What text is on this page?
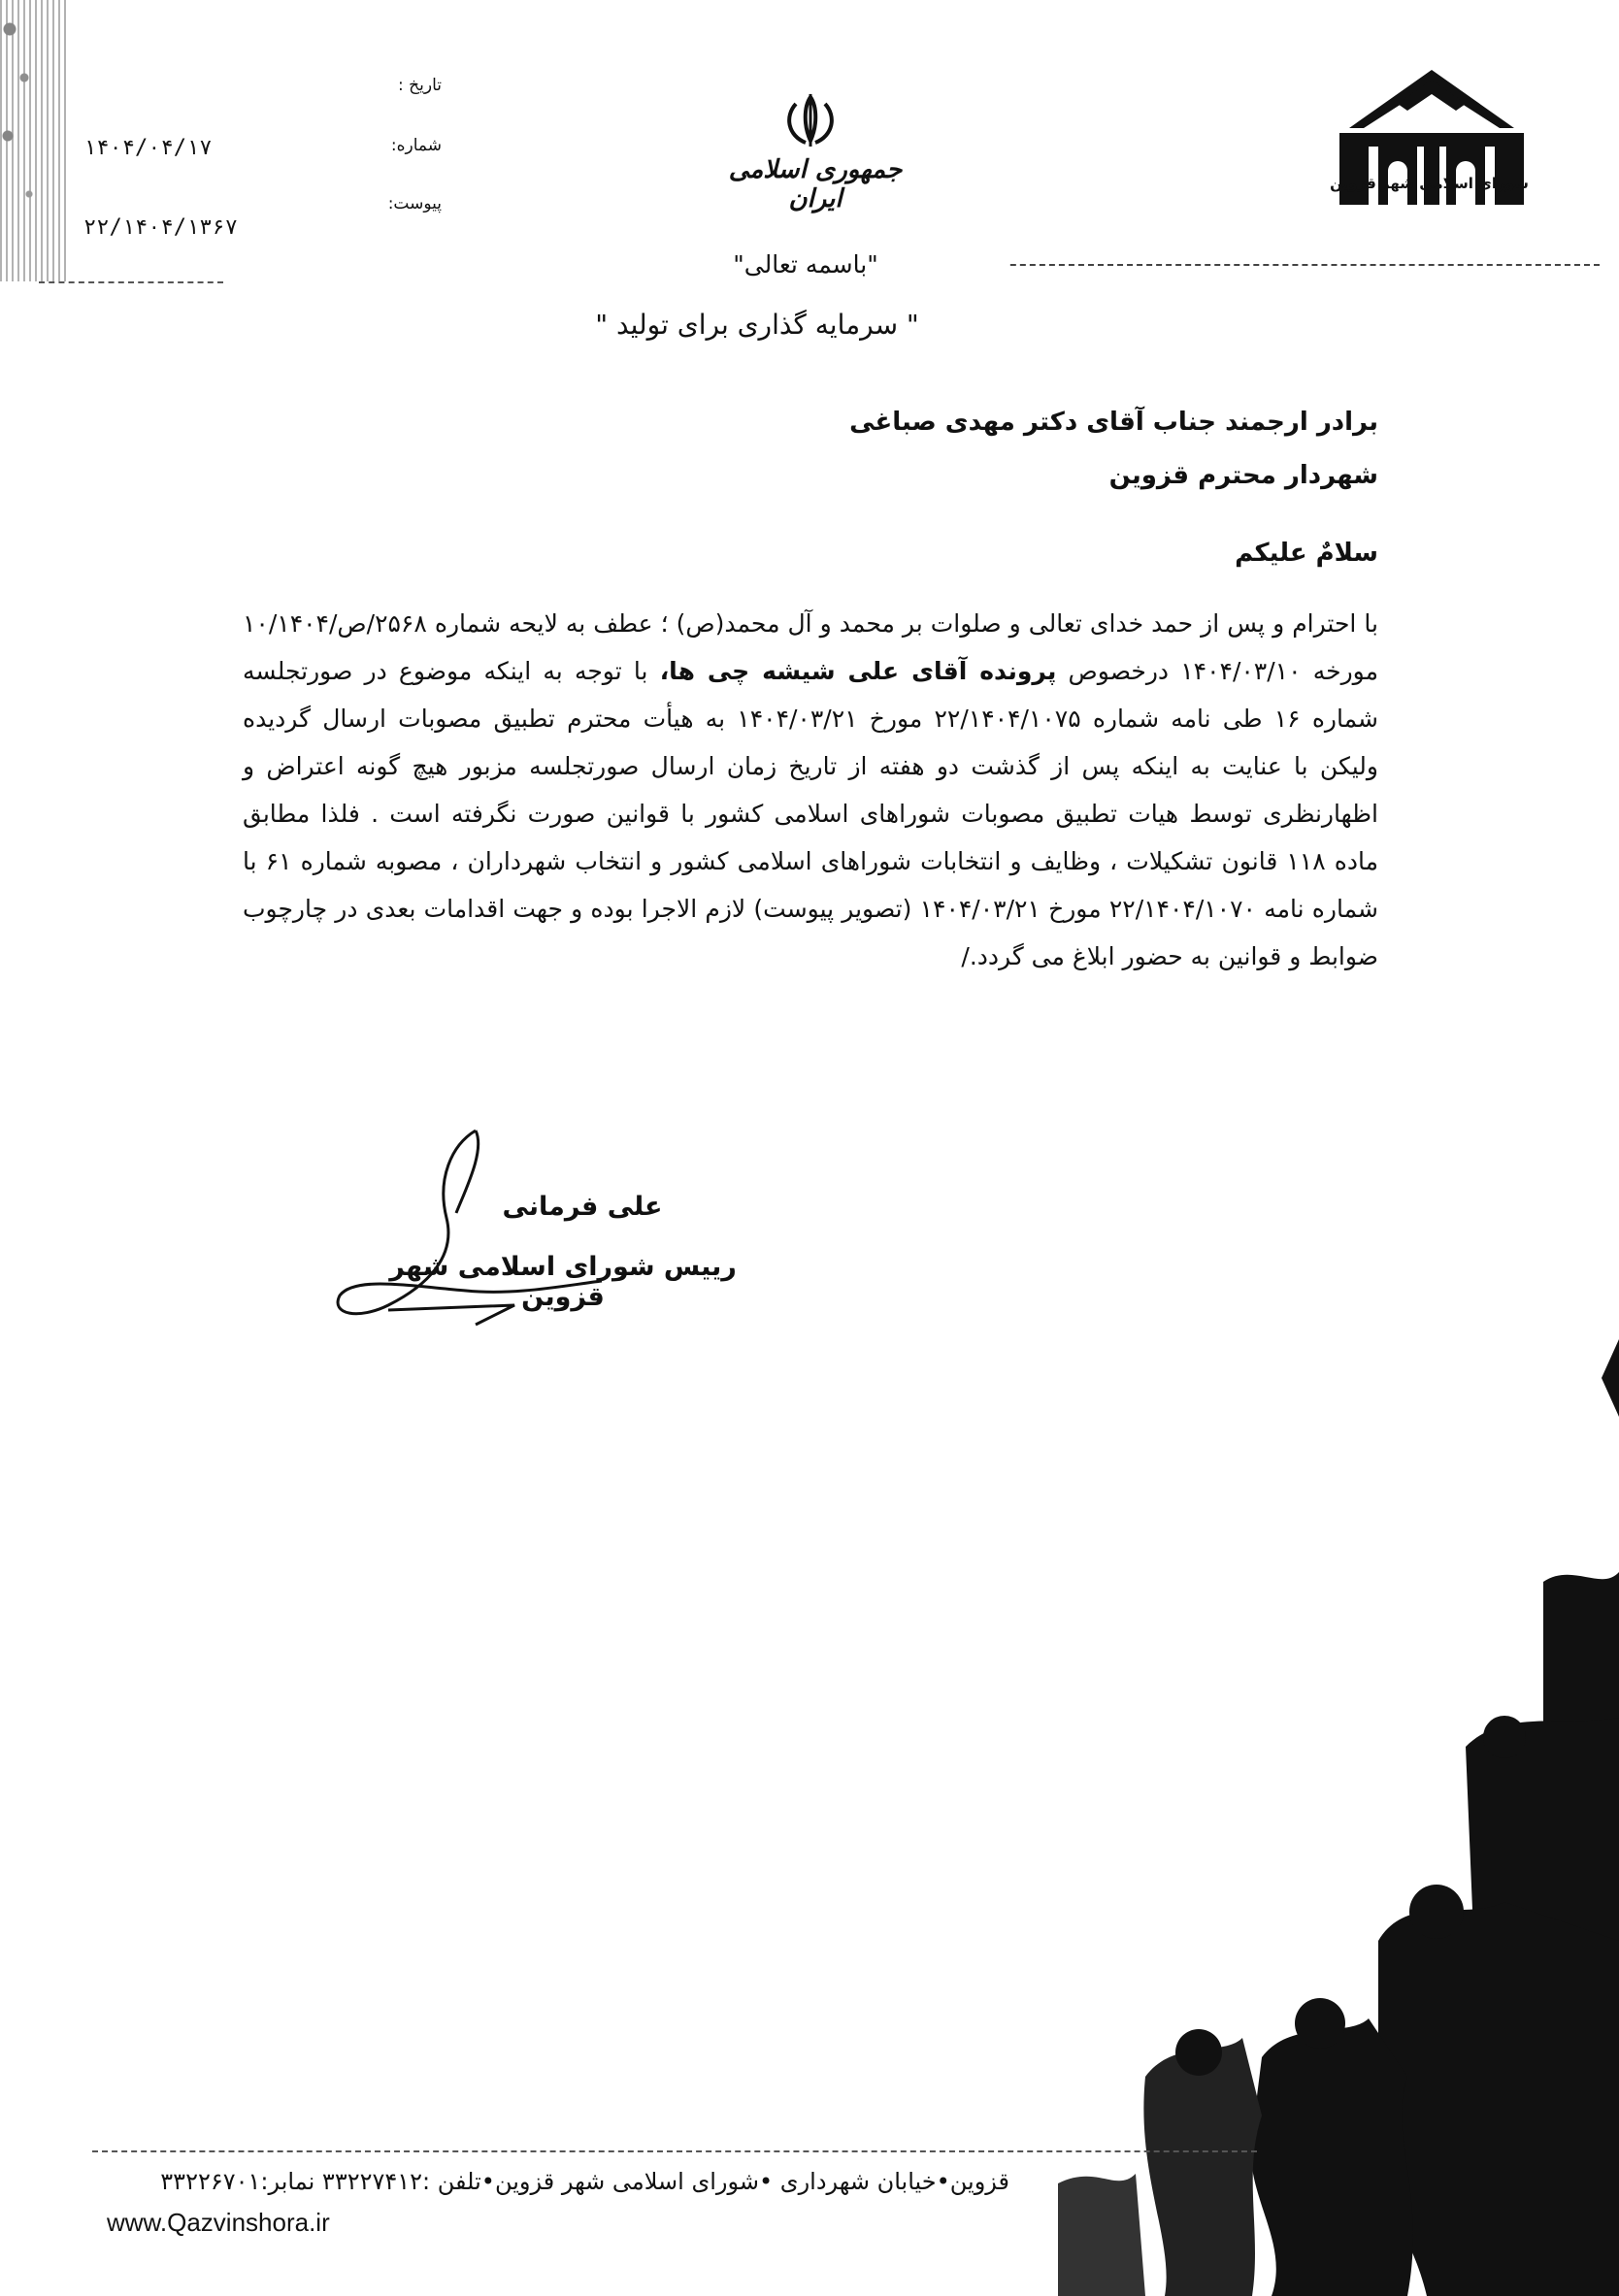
شورای اسلامی شهر قزوین
جمهوری اسلامی ایران
تاریخ :
شماره:
پیوست:
۱۴۰۴/۰۴/۱۷
۲۲/۱۴۰۴/۱۳۶۷
"باسمه تعالی"
" سرمایه گذاری برای تولید "
برادر ارجمند جناب آقای دکتر مهدی صباغی
شهردار محترم قزوین
سلامٌ علیکم
با احترام و پس از حمد خدای تعالی و صلوات بر محمد و آل محمد(ص) ؛ عطف به لایحه شماره ۲۵۶۸/ص/۱۰/۱۴۰۴ مورخه ۱۴۰۴/۰۳/۱۰ درخصوص پرونده آقای علی شیشه چی ها، با توجه به اینکه موضوع در صورتجلسه شماره ۱۶ طی نامه شماره ۲۲/۱۴۰۴/۱۰۷۵ مورخ ۱۴۰۴/۰۳/۲۱ به هیأت محترم تطبیق مصوبات ارسال گردیده ولیکن با عنایت به اینکه پس از گذشت دو هفته از تاریخ زمان ارسال صورتجلسه مزبور هیچ گونه اعتراض و اظهارنظری توسط هیات تطبیق مصوبات شوراهای اسلامی کشور با قوانین صورت نگرفته است . فلذا مطابق ماده ۱۱۸ قانون تشکیلات ، وظایف و انتخابات شوراهای اسلامی کشور و انتخاب شهرداران ، مصوبه شماره ۶۱ با شماره نامه ۲۲/۱۴۰۴/۱۰۷۰ مورخ ۱۴۰۴/۰۳/۲۱ (تصویر پیوست) لازم الاجرا بوده و جهت اقدامات بعدی در چارچوب ضوابط و قوانین به حضور ابلاغ می گردد./
علی فرمانی
رییس شورای اسلامی شهر قزوین
قزوین•خیابان شهرداری •شورای اسلامی شهر قزوین•تلفن :۳۳۲۲۷۴۱۲ نمابر:۳۳۲۲۶۷۰۱
www.Qazvinshora.ir
